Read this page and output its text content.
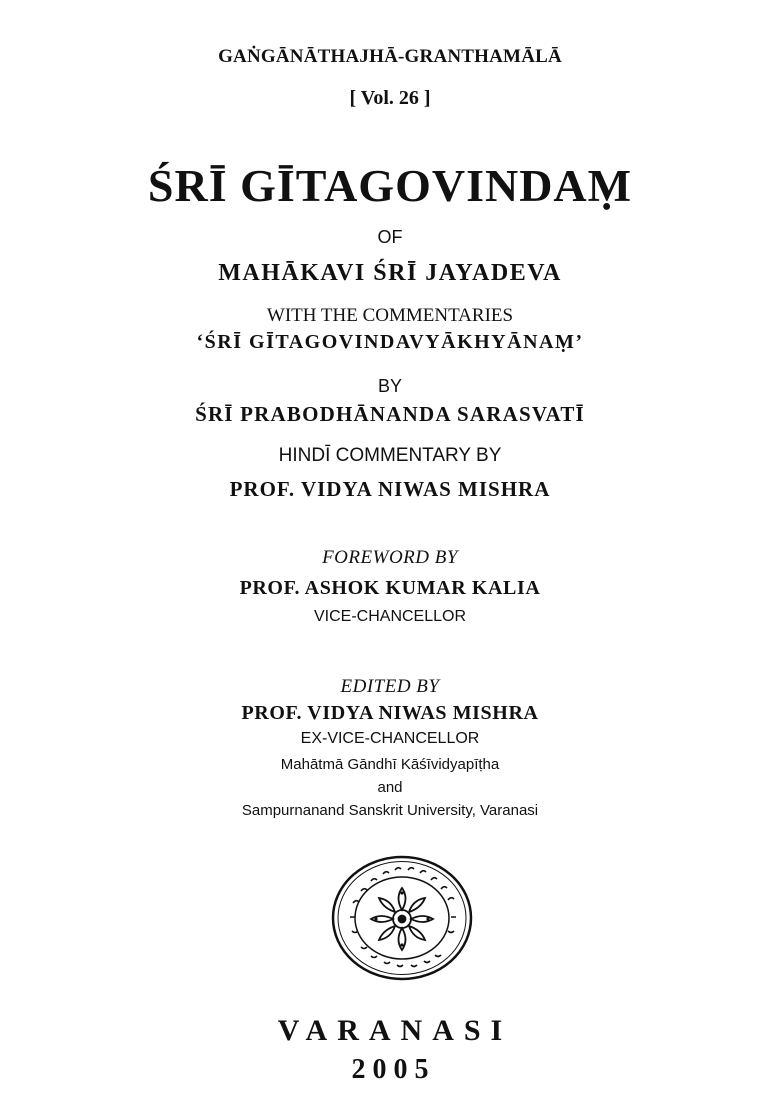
GAṄGĀNĀTHAJHĀ-GRANTHAMĀLĀ
[ Vol. 26 ]
ŚRĪ GĪTAGOVINDAṂ
OF
MAHĀKAVI ŚRĪ JAYADEVA
WITH THE COMMENTARIES
‘ŚRĪ GĪTAGOVINDAVYĀKHYĀNAṂ’
BY
ŚRĪ PRABODHĀNANDA SARASVATĪ
HINDĪ COMMENTARY BY
PROF. VIDYA NIWAS MISHRA
FOREWORD BY
PROF. ASHOK KUMAR KALIA
VICE-CHANCELLOR
EDITED BY
PROF. VIDYA NIWAS MISHRA
EX-VICE-CHANCELLOR
Mahātmā Gāndhī Kāśīvidyapīṭha
and
Sampurnanand Sanskrit University, Varanasi
VARANASI
2005
